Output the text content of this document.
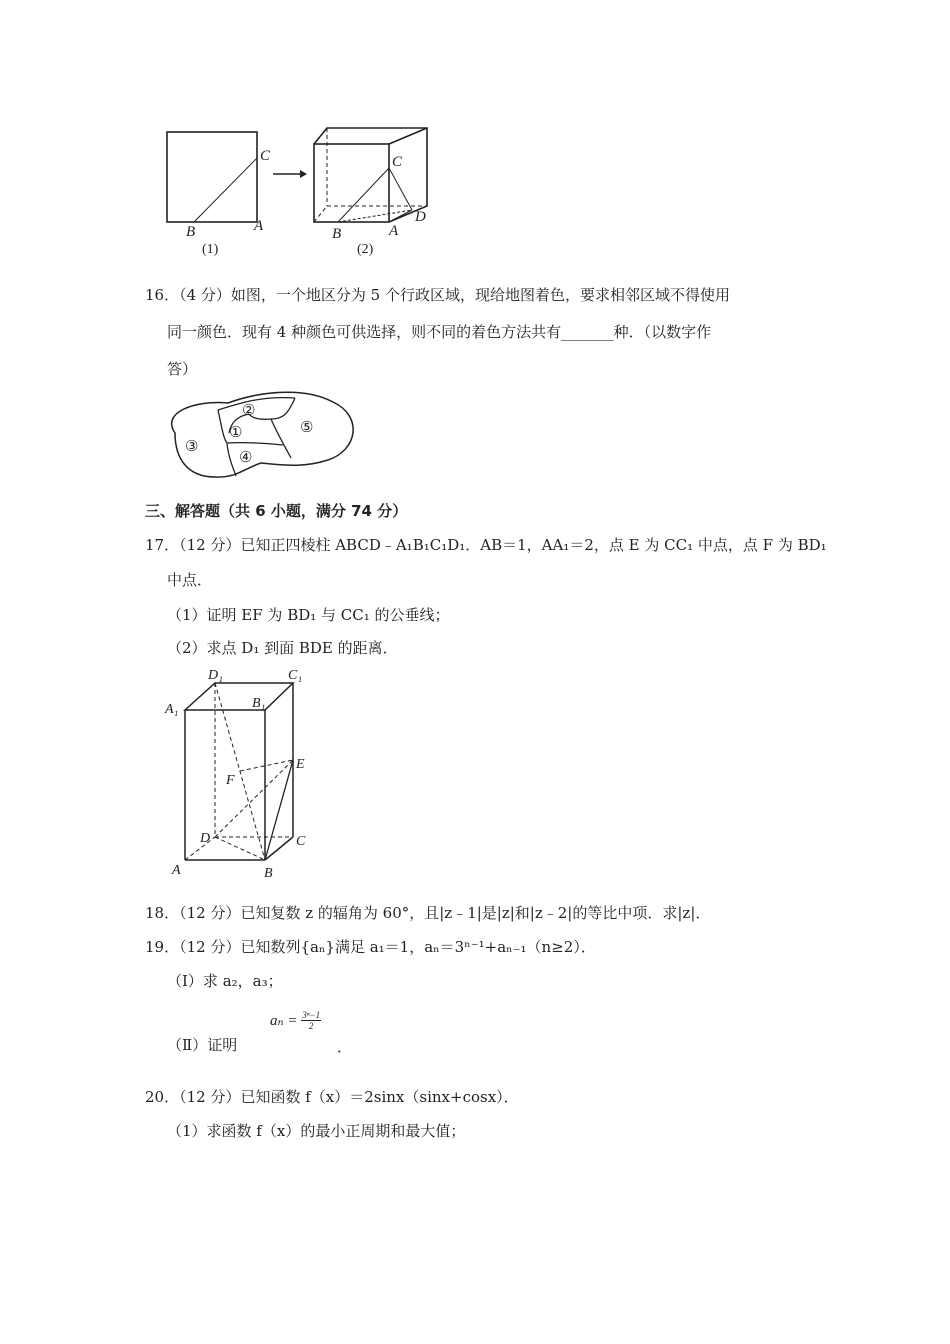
C
B	A
(1)
C
B	A
D
(2)
16．（4 分）如图，一个地区分为 5 个行政区域，现给地图着色，要求相邻区域不得使用
同一颜色．现有 4 种颜色可供选择，则不同的着色方法共有_______种．（以数字作
答）
②
①
③
④
⑤
三、解答题（共 6 小题，满分 74 分）
17．（12 分）已知正四棱柱 ABCD﹣A₁B₁C₁D₁．AB＝1，AA₁＝2，点 E 为 CC₁ 中点，点 F 为 BD₁
中点．
（1）证明 EF 为 BD₁ 与 CC₁ 的公垂线；
（2）求点 D₁ 到面 BDE 的距离．
D₁	C₁
A₁	B₁
E
F
D	C
A	B
18．（12 分）已知复数 z 的辐角为 60°，且|z﹣1|是|z|和|z﹣2|的等比中项．求|z|．
19．（12 分）已知数列{aₙ}满足 a₁＝1，aₙ＝3ⁿ⁻¹+aₙ₋₁（n≥2）．
（Ⅰ）求 a₂，a₃；
（Ⅱ）证明
$a_n = \frac{\text{3ⁿ−1}}{2}$
．
20．（12 分）已知函数 f（x）＝2sinx（sinx+cosx）．
（1）求函数 f（x）的最小正周期和最大值；
